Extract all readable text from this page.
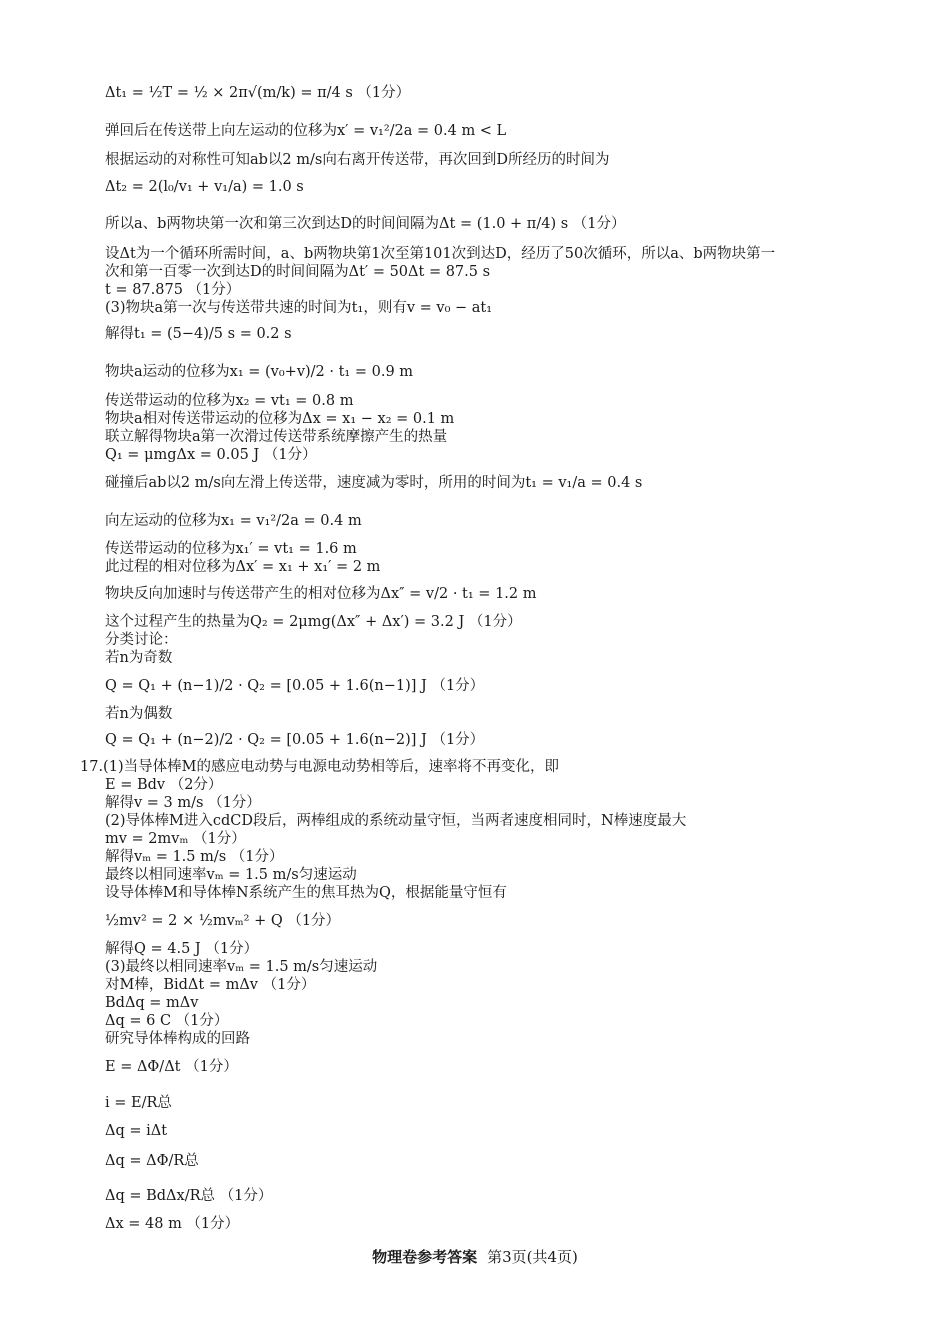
Δt₁ = ½T = ½ × 2π√(m/k) = π/4 s （1分）
弹回后在传送带上向左运动的位移为x′ = v₁²/2a = 0.4 m < L
根据运动的对称性可知ab以2 m/s向右离开传送带，再次回到D所经历的时间为
Δt₂ = 2(l₀/v₁ + v₁/a) = 1.0 s
所以a、b两物块第一次和第三次到达D的时间间隔为Δt = (1.0 + π/4) s （1分）
设Δt为一个循环所需时间，a、b两物块第1次至第101次到达D，经历了50次循环，所以a、b两物块第一
次和第一百零一次到达D的时间间隔为Δt′ = 50Δt = 87.5 s
t = 87.875 （1分）
(3)物块a第一次与传送带共速的时间为t₁，则有v = v₀ − at₁
解得t₁ = (5−4)/5 s = 0.2 s
物块a运动的位移为x₁ = (v₀+v)/2 · t₁ = 0.9 m
传送带运动的位移为x₂ = vt₁ = 0.8 m
物块a相对传送带运动的位移为Δx = x₁ − x₂ = 0.1 m
联立解得物块a第一次滑过传送带系统摩擦产生的热量
Q₁ = μmgΔx = 0.05 J （1分）
碰撞后ab以2 m/s向左滑上传送带，速度减为零时，所用的时间为t₁ = v₁/a = 0.4 s
向左运动的位移为x₁ = v₁²/2a = 0.4 m
传送带运动的位移为x₁′ = vt₁ = 1.6 m
此过程的相对位移为Δx′ = x₁ + x₁′ = 2 m
物块反向加速时与传送带产生的相对位移为Δx″ = v/2 · t₁ = 1.2 m
这个过程产生的热量为Q₂ = 2μmg(Δx″ + Δx′) = 3.2 J （1分）
分类讨论：
若n为奇数
Q = Q₁ + (n−1)/2 · Q₂ = [0.05 + 1.6(n−1)] J （1分）
若n为偶数
Q = Q₁ + (n−2)/2 · Q₂ = [0.05 + 1.6(n−2)] J （1分）
17.(1)当导体棒M的感应电动势与电源电动势相等后，速率将不再变化，即
E = Bdv （2分）
解得v = 3 m/s （1分）
(2)导体棒M进入cdCD段后，两棒组成的系统动量守恒，当两者速度相同时，N棒速度最大
mv = 2mvₘ （1分）
解得vₘ = 1.5 m/s （1分）
最终以相同速率vₘ = 1.5 m/s匀速运动
设导体棒M和导体棒N系统产生的焦耳热为Q，根据能量守恒有
½mv² = 2 × ½mvₘ² + Q （1分）
解得Q = 4.5 J （1分）
(3)最终以相同速率vₘ = 1.5 m/s匀速运动
对M棒，BidΔt = mΔv （1分）
BdΔq = mΔv
Δq = 6 C （1分）
研究导体棒构成的回路
E = ΔΦ/Δt （1分）
i = E/R总
Δq = iΔt
Δq = ΔΦ/R总
Δq = BdΔx/R总 （1分）
Δx = 48 m （1分）
物理卷参考答案 第3页(共4页)
